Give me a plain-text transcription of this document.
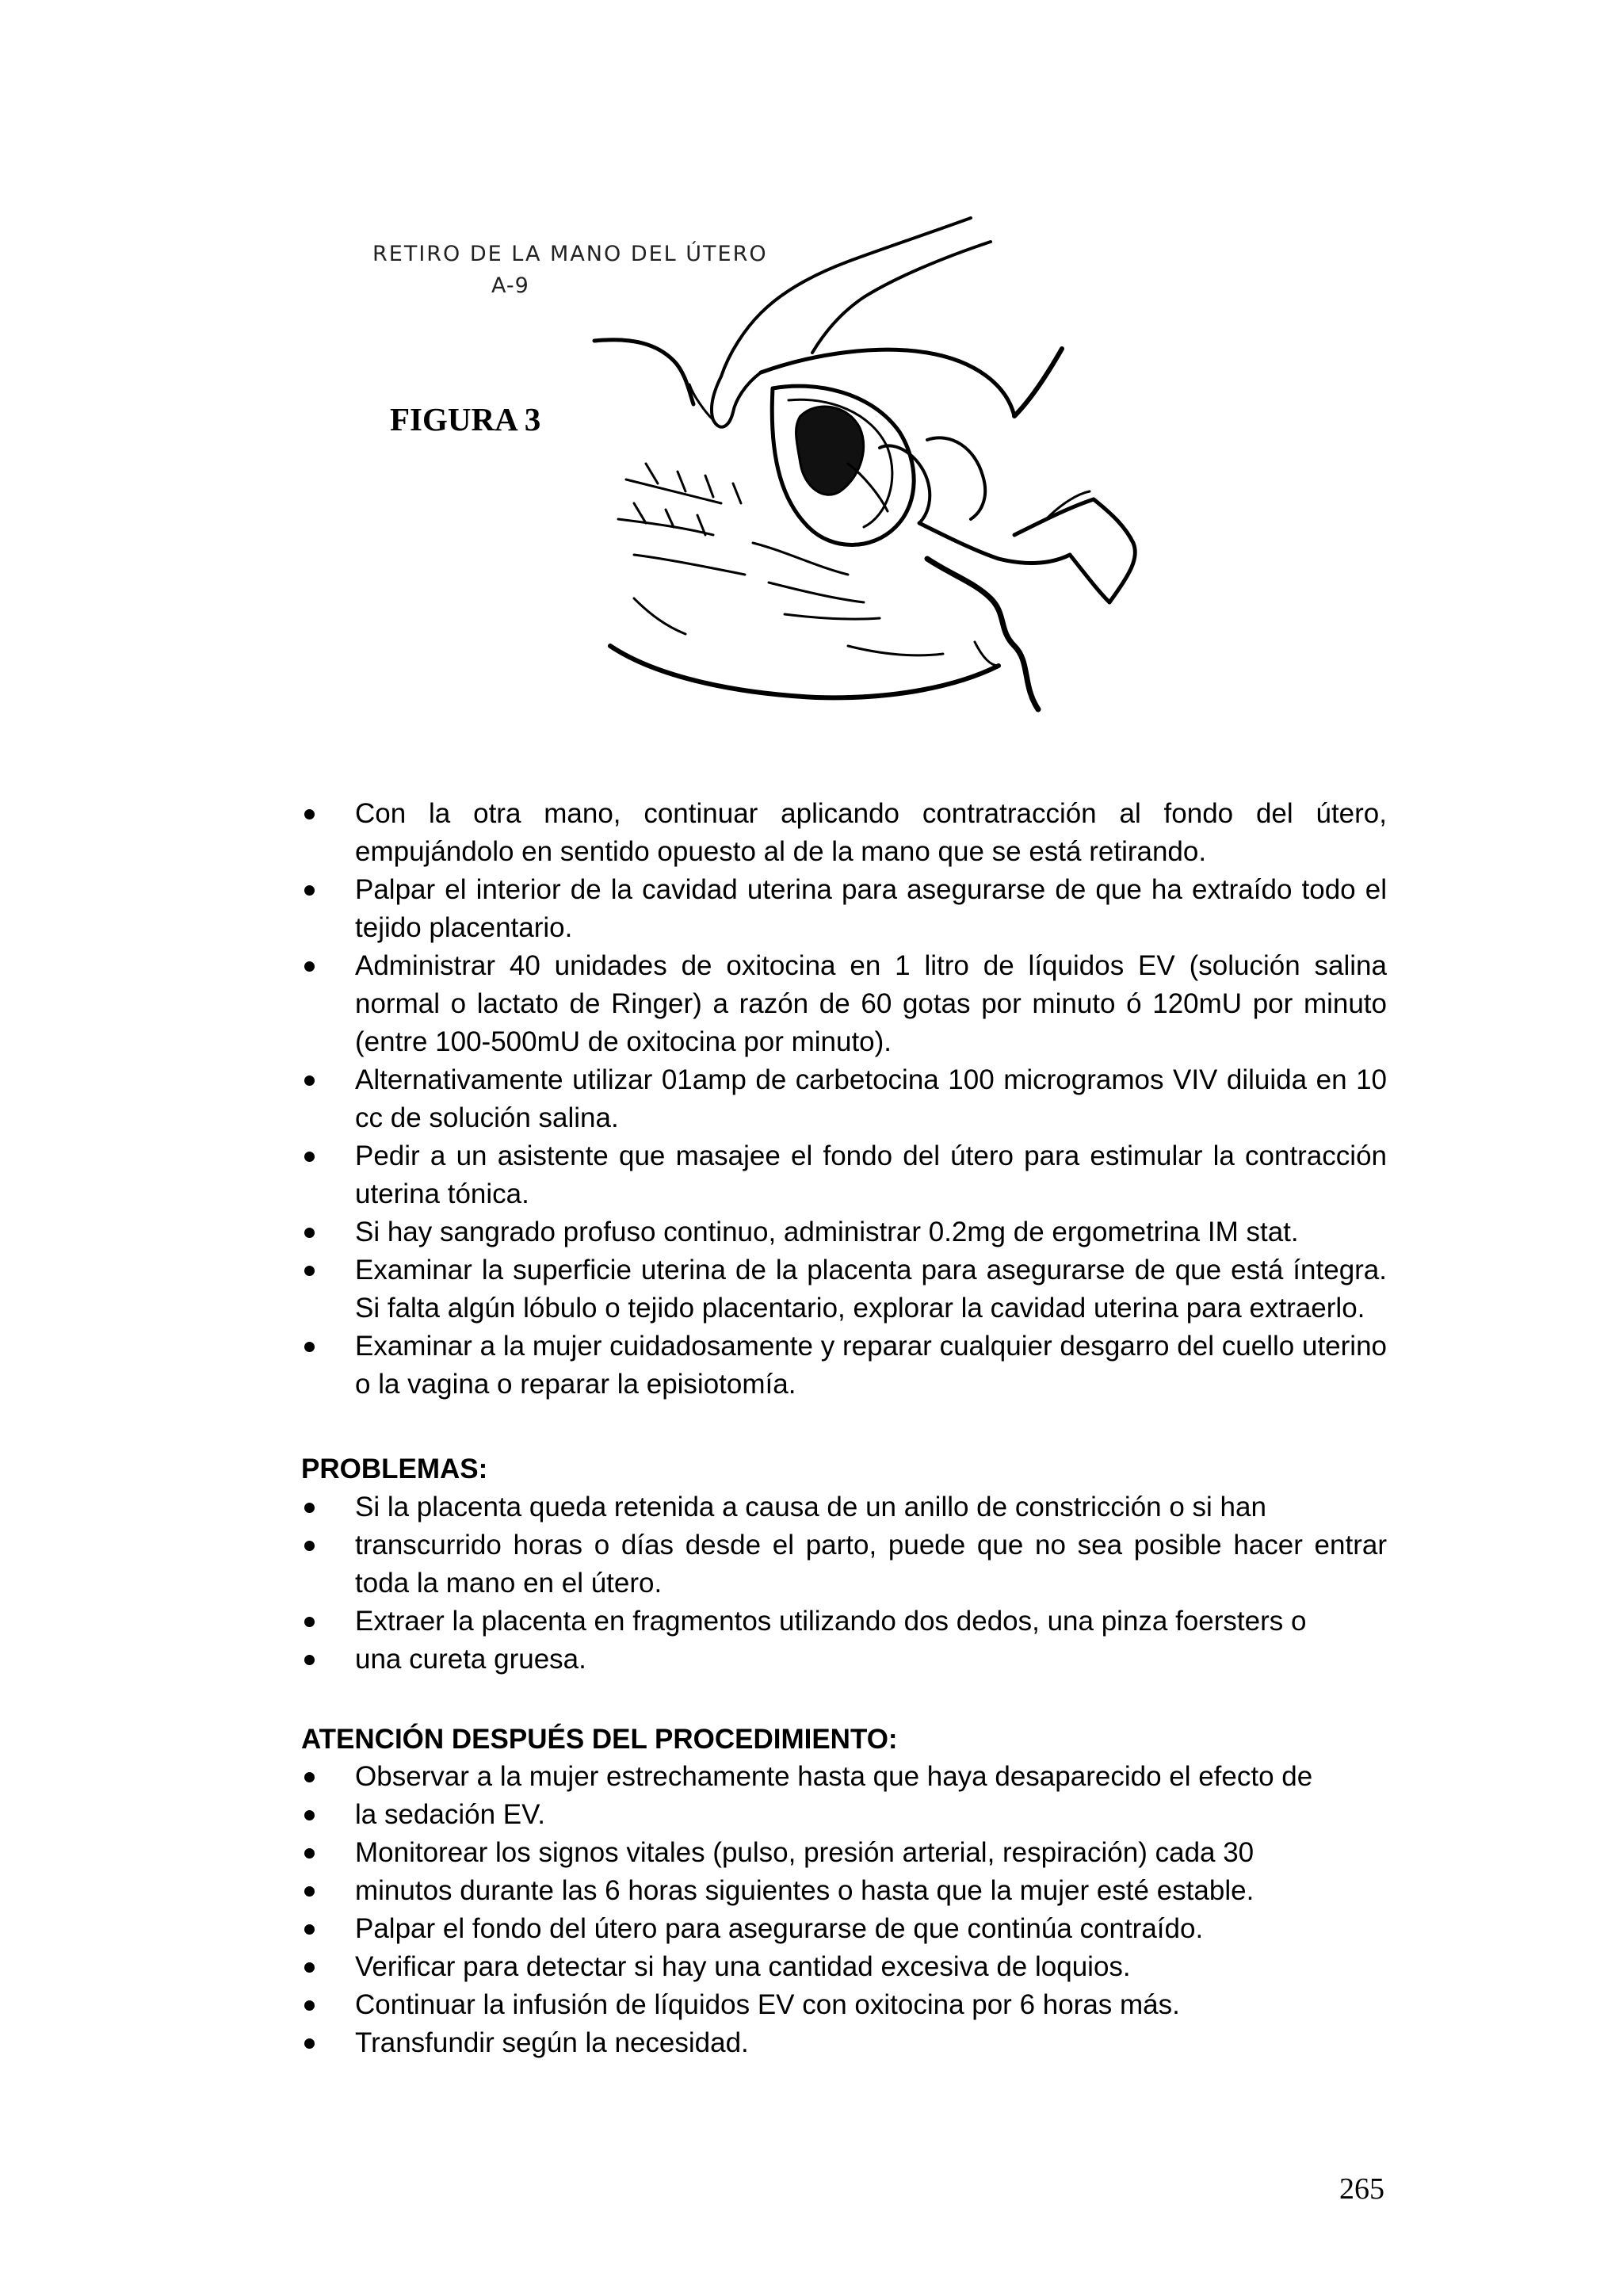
RETIRO DE LA MANO DEL ÚTERO
A-9
FIGURA 3
Con la otra mano, continuar aplicando contratracción al fondo del útero, empujándolo en sentido opuesto al de la mano que se está retirando.
Palpar el interior de la cavidad uterina para asegurarse de que ha extraído todo el tejido placentario.
Administrar 40 unidades de oxitocina en 1 litro de líquidos EV (solución salina normal o lactato de Ringer) a razón de 60 gotas por minuto ó 120mU por minuto (entre 100-500mU de oxitocina por minuto).
Alternativamente utilizar 01amp de carbetocina 100 microgramos VIV diluida en 10 cc de solución salina.
Pedir a un asistente que masajee el fondo del útero para estimular la contracción uterina tónica.
Si hay sangrado profuso continuo, administrar 0.2mg de ergometrina IM stat.
Examinar la superficie uterina de la placenta para asegurarse de que está íntegra. Si falta algún lóbulo o tejido placentario, explorar la cavidad uterina para extraerlo.
Examinar a la mujer cuidadosamente y reparar cualquier desgarro del cuello uterino o la vagina o reparar la episiotomía.
PROBLEMAS:
Si la placenta queda retenida a causa de un anillo de constricción o si han
transcurrido horas o días desde el parto, puede que no sea posible hacer entrar toda la mano en el útero.
Extraer la placenta en fragmentos utilizando dos dedos, una pinza foersters o
una cureta gruesa.
ATENCIÓN DESPUÉS DEL PROCEDIMIENTO:
Observar a la mujer estrechamente hasta que haya desaparecido el efecto de
la sedación EV.
Monitorear los signos vitales (pulso, presión arterial, respiración) cada 30
minutos durante las 6 horas siguientes o hasta que la mujer esté estable.
Palpar el fondo del útero para asegurarse de que continúa contraído.
Verificar para detectar si hay una cantidad excesiva de loquios.
Continuar la infusión de líquidos EV con oxitocina por 6 horas más.
Transfundir según la necesidad.
265
